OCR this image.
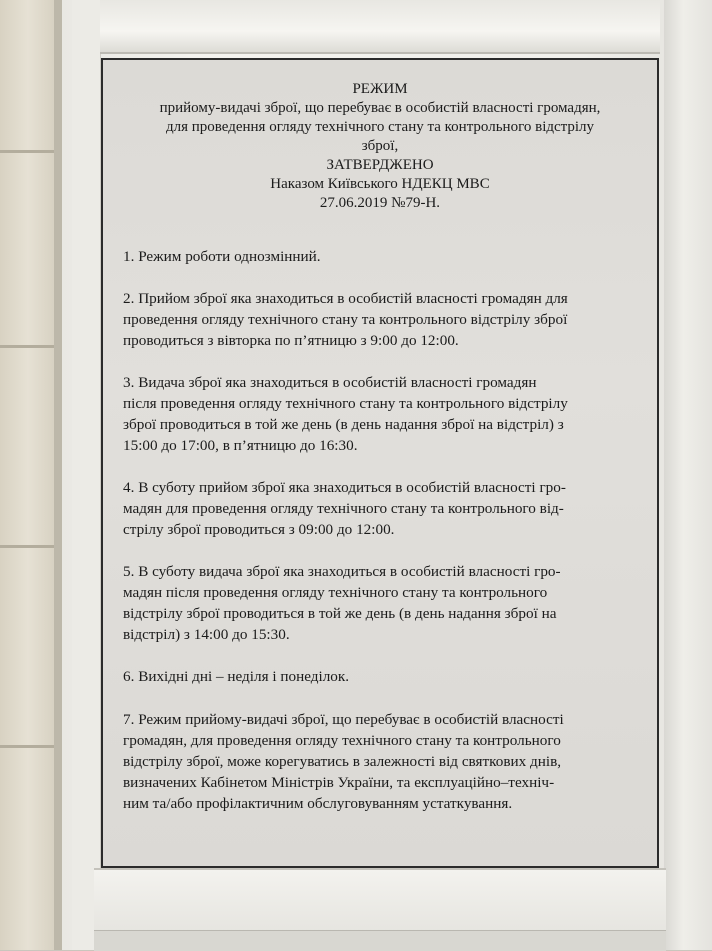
РЕЖИМ
прийому-видачі зброї, що перебуває в особистій власності громадян,
для проведення огляду технічного стану та контрольного відстрілу
зброї,
ЗАТВЕРДЖЕНО
Наказом Київського НДЕКЦ МВС
27.06.2019 №79-Н.

1. Режим роботи однозмінний.

2. Прийом зброї яка знаходиться в особистій власності громадян для

проведення огляду технічного стану та контрольного відстрілу зброї

проводиться з вівторка по п’ятницю з 9:00 до 12:00.

3. Видача зброї яка знаходиться в особистій власності громадян

після проведення огляду технічного стану та контрольного відстрілу

зброї проводиться в той же день (в день надання зброї на відстріл) з

15:00 до 17:00, в п’ятницю до 16:30.

4. В суботу прийом зброї яка знаходиться в особистій власності гро-

мадян для проведення огляду технічного стану та контрольного від-

стрілу зброї проводиться з 09:00 до 12:00.

5. В суботу видача зброї яка знаходиться в особистій власності гро-

мадян після проведення огляду технічного стану та контрольного

відстрілу зброї проводиться в той же день (в день надання зброї на

відстріл) з 14:00 до 15:30.

6. Вихідні дні – неділя і понеділок.

7. Режим прийому-видачі зброї, що перебуває в особистій власності

громадян, для проведення огляду технічного стану та контрольного

відстрілу зброї, може корегуватись в залежності від святкових днів,

визначених Кабінетом Міністрів України, та експлуаційно–техніч-

ним та/або профілактичним обслуговуванням устаткування.
